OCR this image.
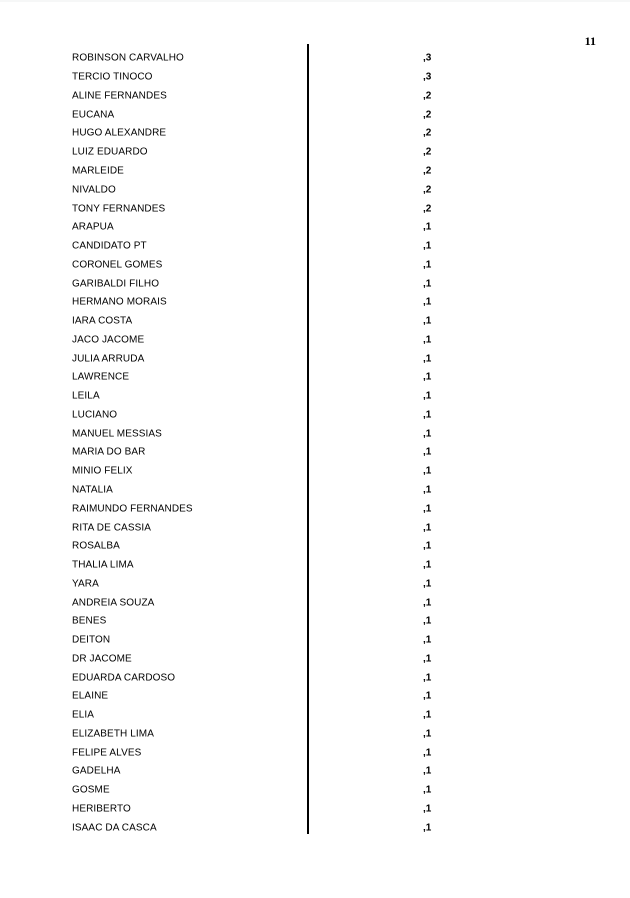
11
ROBINSON CARVALHO	,3
TERCIO TINOCO	,3
ALINE FERNANDES	,2
EUCANA	,2
HUGO ALEXANDRE	,2
LUIZ EDUARDO	,2
MARLEIDE	,2
NIVALDO	,2
TONY FERNANDES	,2
ARAPUA	,1
CANDIDATO PT	,1
CORONEL GOMES	,1
GARIBALDI FILHO	,1
HERMANO MORAIS	,1
IARA COSTA	,1
JACO JACOME	,1
JULIA ARRUDA	,1
LAWRENCE	,1
LEILA	,1
LUCIANO	,1
MANUEL MESSIAS	,1
MARIA DO BAR	,1
MINIO FELIX	,1
NATALIA	,1
RAIMUNDO FERNANDES	,1
RITA DE CASSIA	,1
ROSALBA	,1
THALIA LIMA	,1
YARA	,1
ANDREIA SOUZA	,1
BENES	,1
DEITON	,1
DR JACOME	,1
EDUARDA CARDOSO	,1
ELAINE	,1
ELIA	,1
ELIZABETH LIMA	,1
FELIPE ALVES	,1
GADELHA	,1
GOSME	,1
HERIBERTO	,1
ISAAC DA CASCA	,1
